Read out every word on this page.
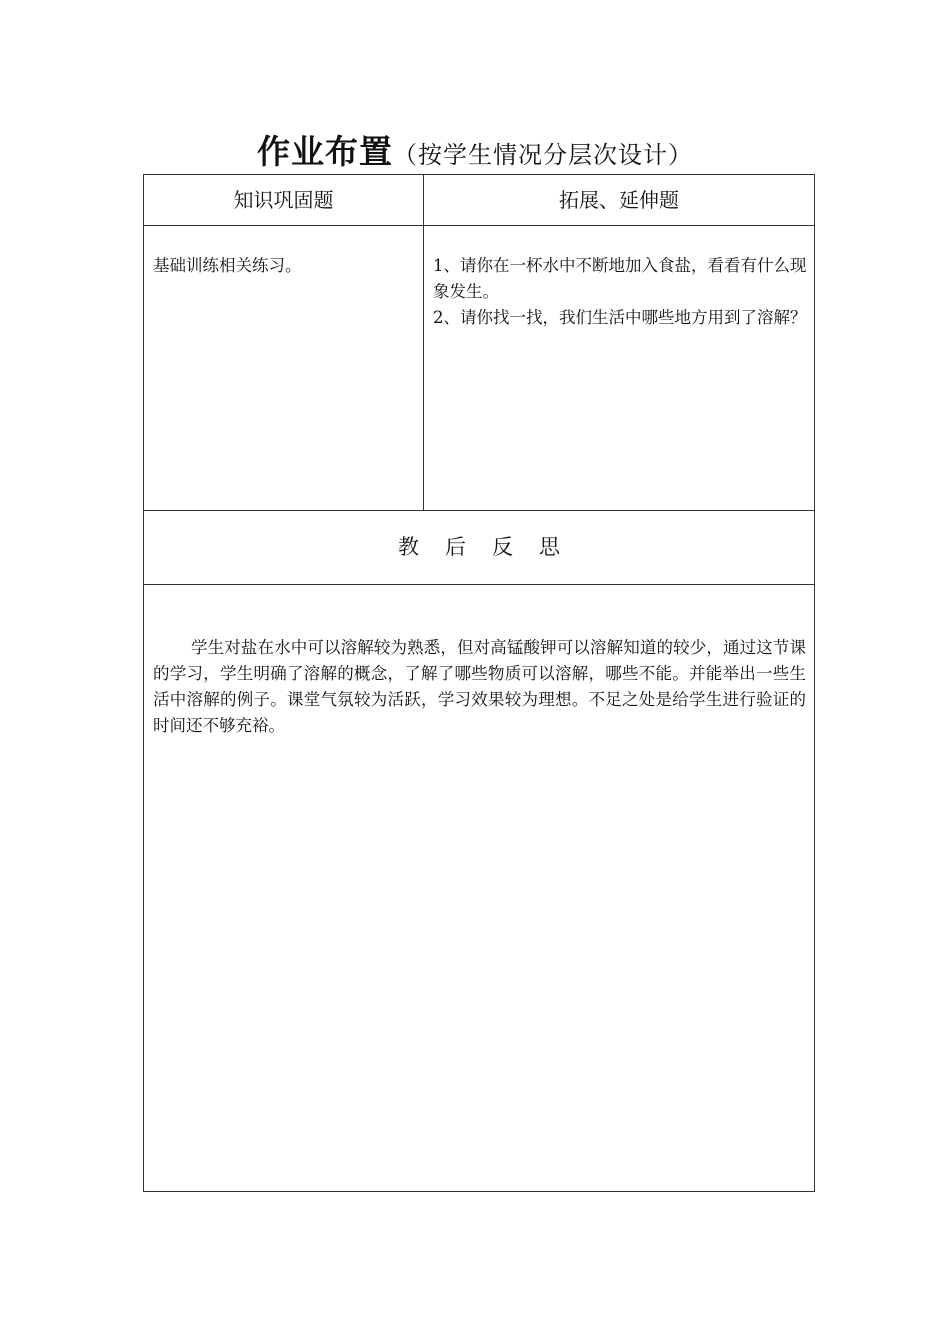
作业布置（按学生情况分层次设计）
知识巩固题	拓展、延伸题
基础训练相关练习。	1、请你在一杯水中不断地加入食盐，看看有什么现象发生。
2、请你找一找，我们生活中哪些地方用到了溶解？
教 后 反 思
学生对盐在水中可以溶解较为熟悉，但对高锰酸钾可以溶解知道的较少，通过这节课的学习，学生明确了溶解的概念，了解了哪些物质可以溶解，哪些不能。并能举出一些生活中溶解的例子。课堂气氛较为活跃，学习效果较为理想。不足之处是给学生进行验证的时间还不够充裕。
